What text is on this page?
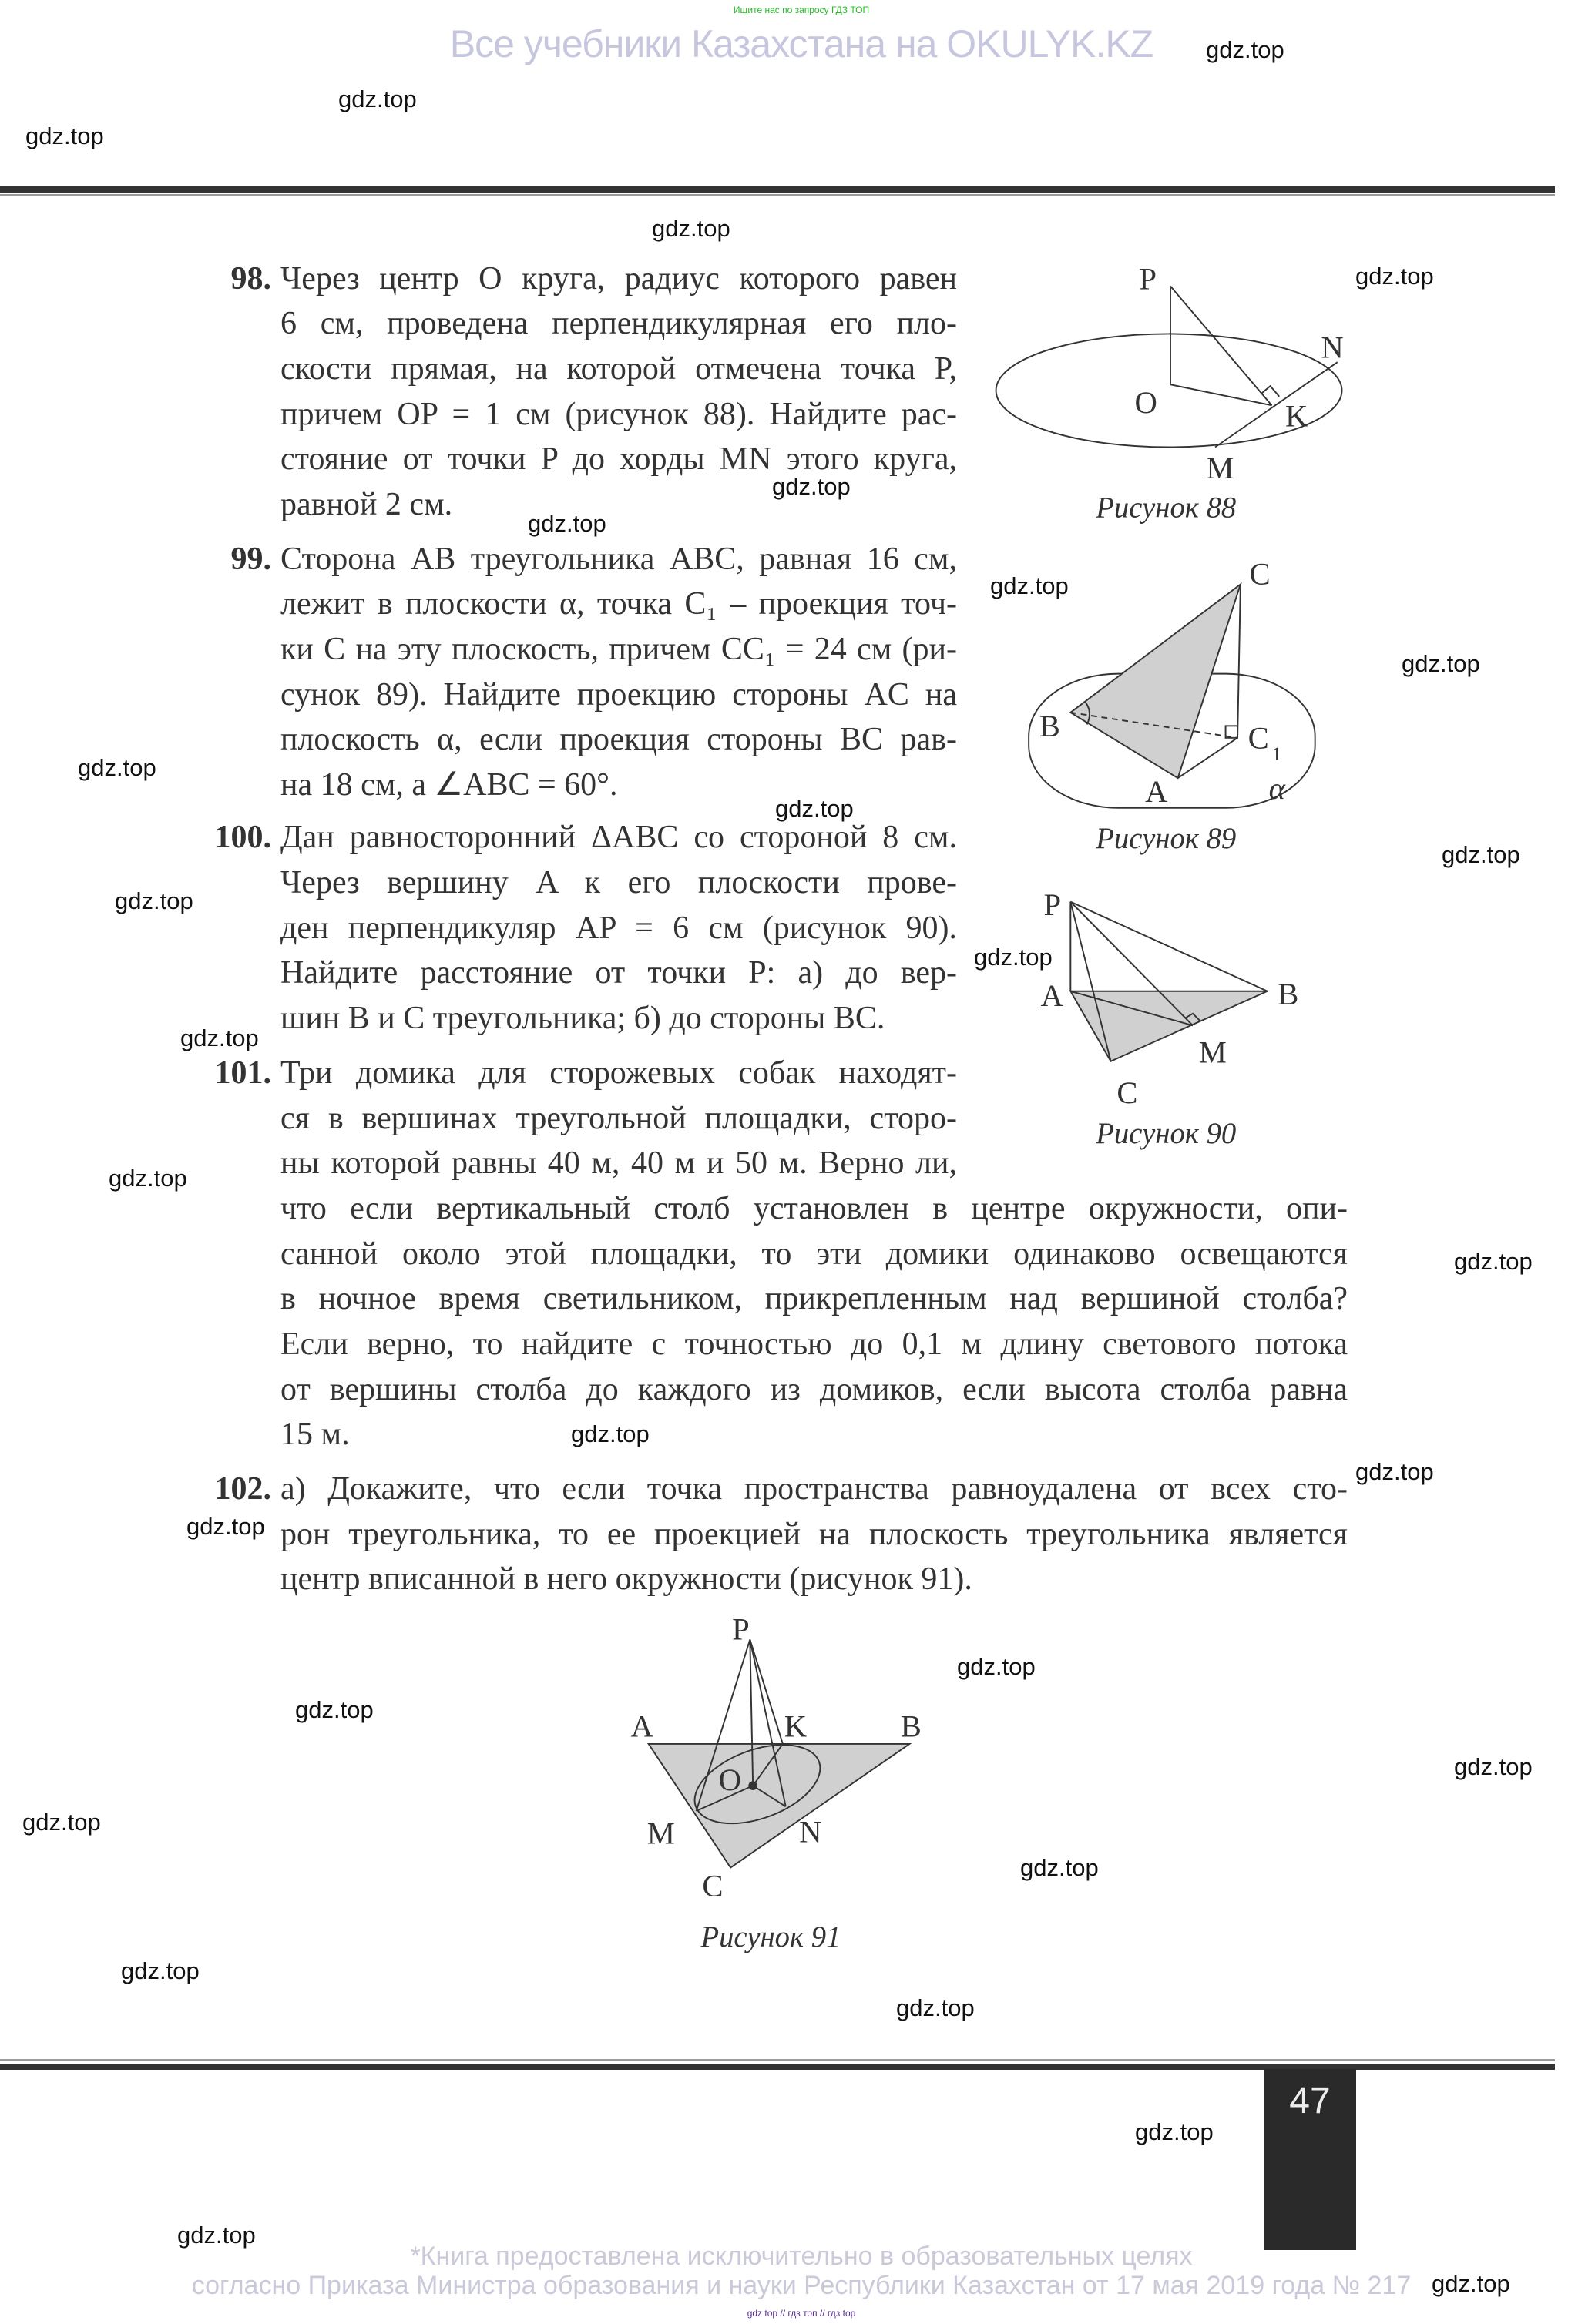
Ищите нас по запросу ГДЗ ТОП
Все учебники Казахстана на OKULYK.KZ
98. Через центр O круга, радиус которого равен
6 см, проведена перпендикулярная его пло-
скости прямая, на которой отмечена точка P,
причем OP = 1 см (рисунок 88). Найдите рас-
стояние от точки P до хорды MN этого круга,
равной 2 см.
99. Сторона AB треугольника ABC, равная 16 см,
лежит в плоскости α, точка C₁ – проекция точ-
ки C на эту плоскость, причем CC₁ = 24 см (ри-
сунок 89). Найдите проекцию стороны AC на
плоскость α, если проекция стороны BC рав-
на 18 см, а ∠ABC = 60°.
100. Дан равносторонний ΔABC со стороной 8 см.
Через вершину A к его плоскости прове-
ден перпендикуляр AP = 6 см (рисунок 90).
Найдите расстояние от точки P: а) до вер-
шин B и C треугольника; б) до стороны BC.
101. Три домика для сторожевых собак находят-
ся в вершинах треугольной площадки, сторо-
ны которой равны 40 м, 40 м и 50 м. Верно ли,
что если вертикальный столб установлен в центре окружности, опи-
санной около этой площадки, то эти домики одинаково освещаются
в ночное время светильником, прикрепленным над вершиной столба?
Если верно, то найдите с точностью до 0,1 м длину светового потока
от вершины столба до каждого из домиков, если высота столба равна
15 м.
102. а) Докажите, что если точка пространства равноудалена от всех сто-
рон треугольника, то ее проекцией на плоскость треугольника является
центр вписанной в него окружности (рисунок 91).
P
O
N
K
M
Рисунок 88
C
B	C 1
A	α
Рисунок 89
P
A	B
M
C
Рисунок 90
P
A	K	B
O
M	N
C
Рисунок 91
47
*Книга предоставлена исключительно в образовательных целях
согласно Приказа Министра образования и науки Республики Казахстан от 17 мая 2019 года № 217
gdz top // гдз топ // гдз top
gdz.top
gdz.top
gdz.top
gdz.top
gdz.top
gdz.top
gdz.top
gdz.top
gdz.top
gdz.top
gdz.top
gdz.top
gdz.top
gdz.top
gdz.top
gdz.top
gdz.top
gdz.top
gdz.top
gdz.top
gdz.top
gdz.top
gdz.top
gdz.top
gdz.top
gdz.top
gdz.top
gdz.top
gdz.top
gdz.top
